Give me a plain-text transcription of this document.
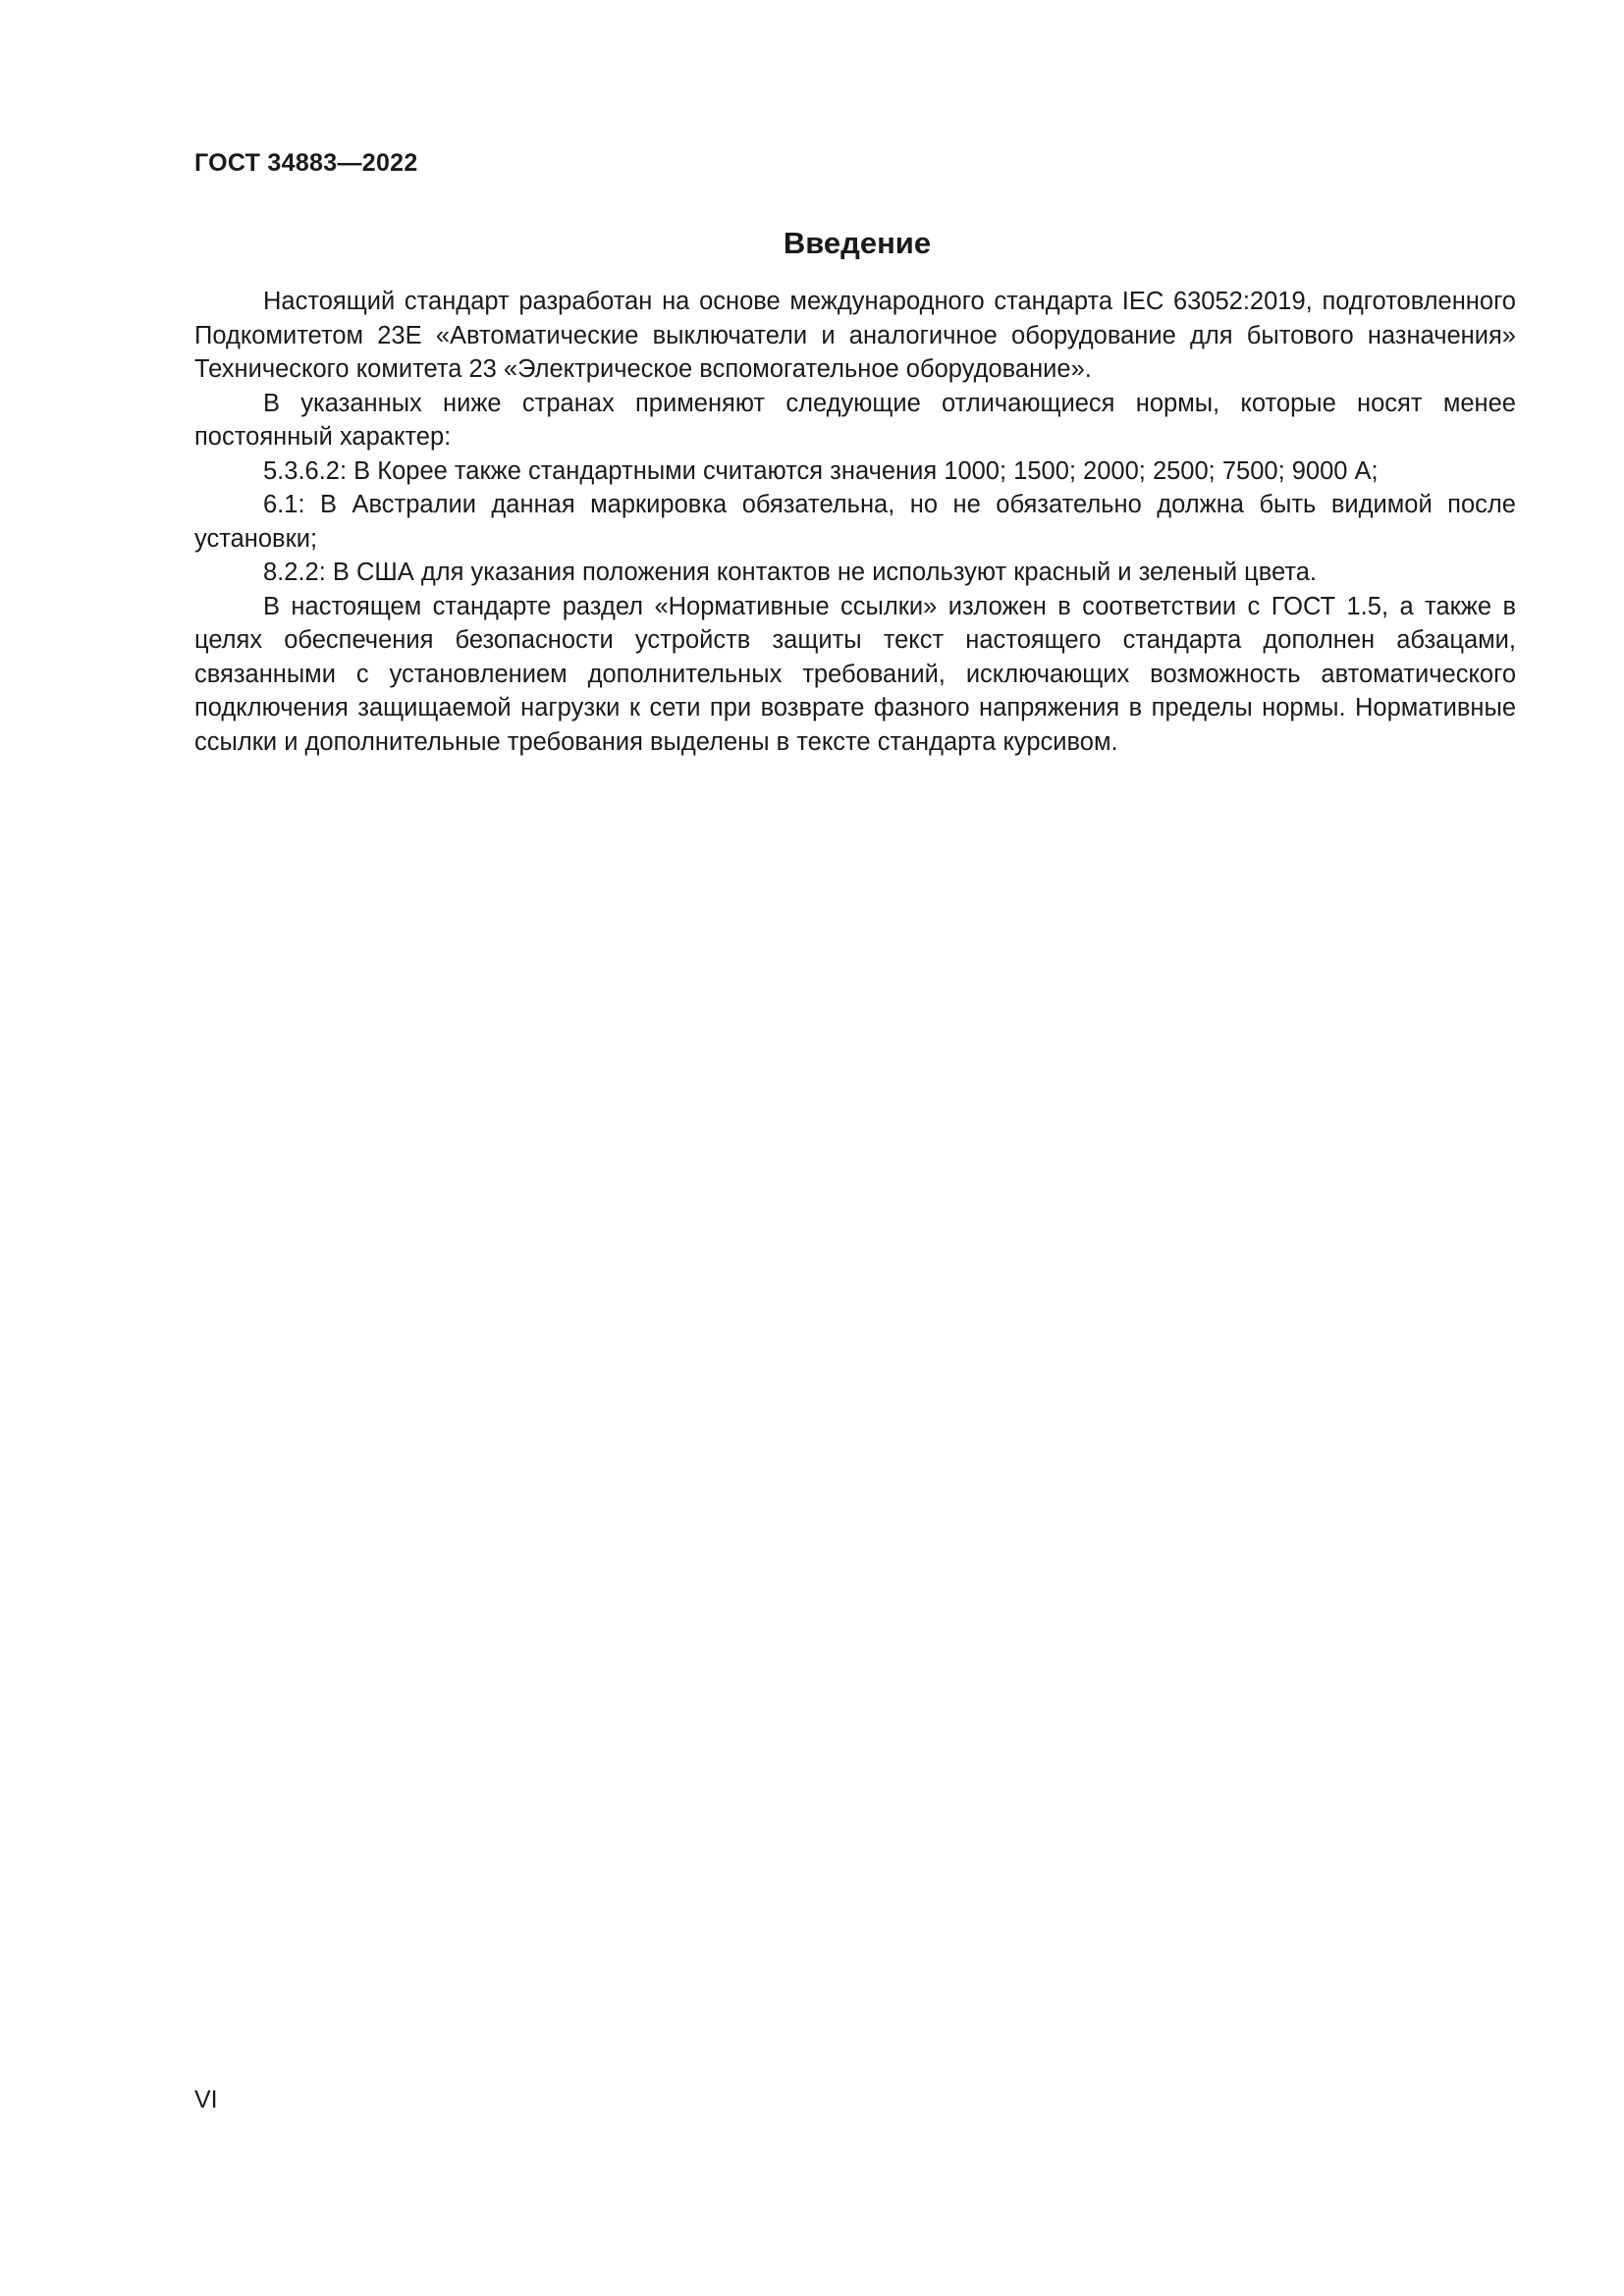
ГОСТ 34883—2022
Введение

Настоящий стандарт разработан на основе международного стандарта IEC 63052:2019, подготовленного Подкомитетом 23E «Автоматические выключатели и аналогичное оборудование для бытового назначения» Технического комитета 23 «Электрическое вспомогательное оборудование».

В указанных ниже странах применяют следующие отличающиеся нормы, которые носят менее постоянный характер:

5.3.6.2: В Корее также стандартными считаются значения 1000; 1500; 2000; 2500; 7500; 9000 А;

6.1: В Австралии данная маркировка обязательна, но не обязательно должна быть видимой после установки;

8.2.2: В США для указания положения контактов не используют красный и зеленый цвета.

В настоящем стандарте раздел «Нормативные ссылки» изложен в соответствии с ГОСТ 1.5, а также в целях обеспечения безопасности устройств защиты текст настоящего стандарта дополнен абзацами, связанными с установлением дополнительных требований, исключающих возможность автоматического подключения защищаемой нагрузки к сети при возврате фазного напряжения в пределы нормы. Нормативные ссылки и дополнительные требования выделены в тексте стандарта курсивом.

VI
